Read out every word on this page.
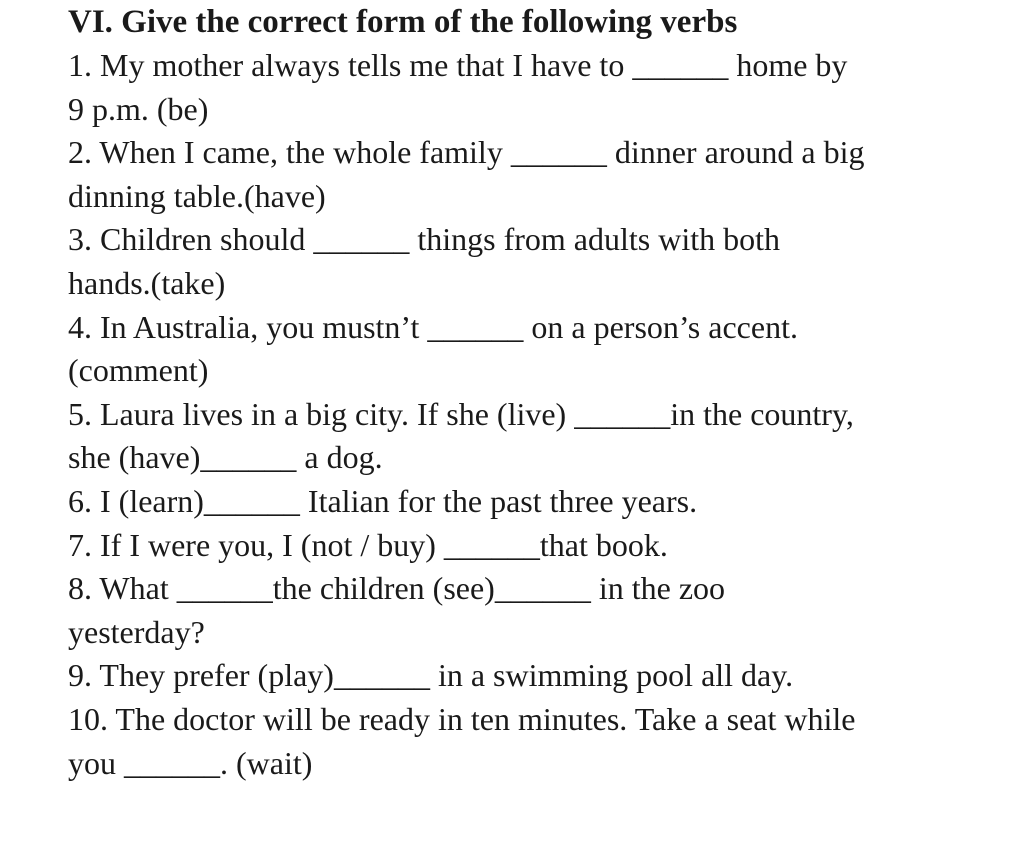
VI. Give the correct form of the following verbs
1. My mother always tells me that I have to ______ home by
9 p.m. (be)
2. When I came, the whole family ______ dinner around a big
dinning table.(have)
3. Children should ______ things from adults with both
hands.(take)
4. In Australia, you mustn’t ______ on a person’s accent.
(comment)
5. Laura lives in a big city. If she (live) ______in the country,
she (have)______ a dog.
6. I (learn)______ Italian for the past three years.
7. If I were you, I (not / buy) ______that book.
8. What ______the children (see)______ in the zoo
yesterday?
9. They prefer (play)______ in a swimming pool all day.
10. The doctor will be ready in ten minutes. Take a seat while
you ______. (wait)
